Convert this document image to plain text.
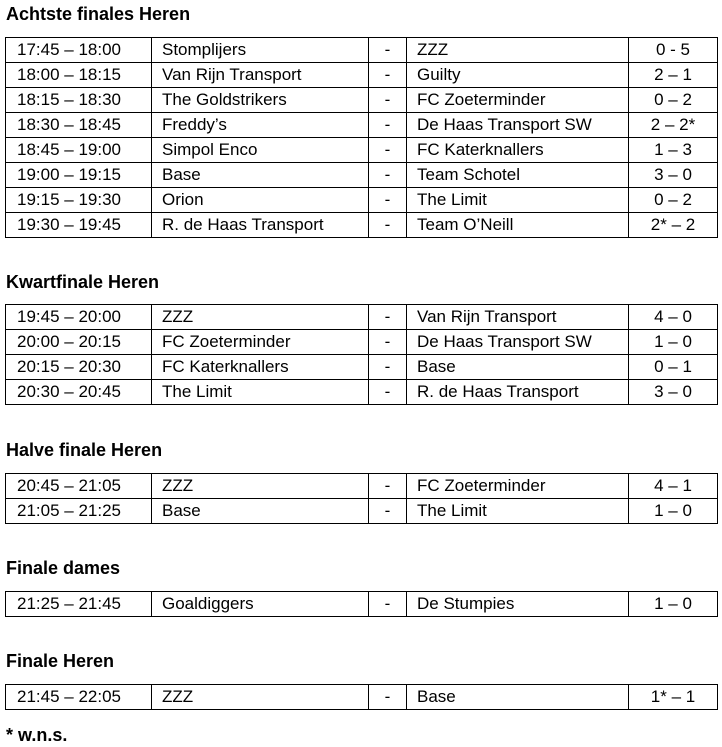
Achtste finales Heren
17:45 – 18:00	Stomplijers	-	ZZZ	0 - 5
18:00 – 18:15	Van Rijn Transport	-	Guilty	2 – 1
18:15 – 18:30	The Goldstrikers	-	FC Zoeterminder	0 – 2
18:30 – 18:45	Freddy’s	-	De Haas Transport SW	2 – 2*
18:45 – 19:00	Simpol Enco	-	FC Katerknallers	1 – 3
19:00 – 19:15	Base	-	Team Schotel	3 – 0
19:15 – 19:30	Orion	-	The Limit	0 – 2
19:30 – 19:45	R. de Haas Transport	-	Team O’Neill	2* – 2
Kwartfinale Heren
19:45 – 20:00	ZZZ	-	Van Rijn Transport	4 – 0
20:00 – 20:15	FC Zoeterminder	-	De Haas Transport SW	1 – 0
20:15 – 20:30	FC Katerknallers	-	Base	0 – 1
20:30 – 20:45	The Limit	-	R. de Haas Transport	3 – 0
Halve finale Heren
20:45 – 21:05	ZZZ	-	FC Zoeterminder	4 – 1
21:05 – 21:25	Base	-	The Limit	1 – 0
Finale dames
21:25 – 21:45	Goaldiggers	-	De Stumpies	1 – 0
Finale Heren
21:45 – 22:05	ZZZ	-	Base	1* – 1
* w.n.s.
